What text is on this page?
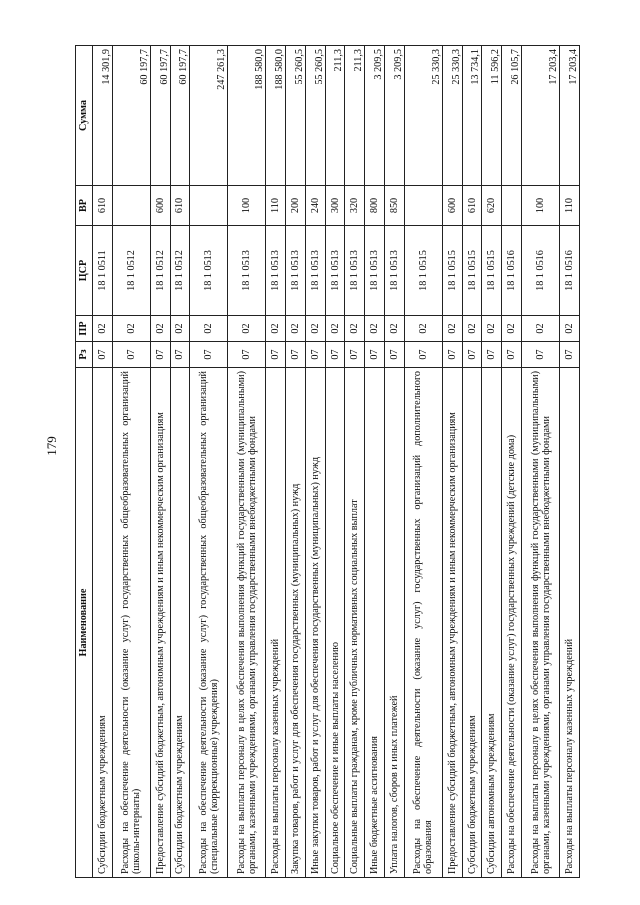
179
Наименование	Рз	ПР	ЦСР	ВР	Сумма
Субсидии бюджетным учреждениям	07	02	18 1 0511	610	14 301,9
Расходы на обеспечение деятельности (оказание услуг) государственных общеобразовательных организаций (школы-интернаты)	07	02	18 1 0512		60 197,7
Предоставление субсидий бюджетным, автономным учреждениям и иным некоммерческим организациям	07	02	18 1 0512	600	60 197,7
Субсидии бюджетным учреждениям	07	02	18 1 0512	610	60 197,7
Расходы на обеспечение деятельности (оказание услуг) государственных общеобразовательных организаций (специальные (коррекционные) учреждения)	07	02	18 1 0513		247 261,3
Расходы на выплаты персоналу в целях обеспечения выполнения функций государственными (муниципальными) органами, казенными учреждениями, органами управления государственными внебюджетными фондами	07	02	18 1 0513	100	188 580,0
Расходы на выплаты персоналу казенных учреждений	07	02	18 1 0513	110	188 580,0
Закупка товаров, работ и услуг для обеспечения государственных (муниципальных) нужд	07	02	18 1 0513	200	55 260,5
Иные закупки товаров, работ и услуг для обеспечения государственных (муниципальных) нужд	07	02	18 1 0513	240	55 260,5
Социальное обеспечение и иные выплаты населению	07	02	18 1 0513	300	211,3
Социальные выплаты гражданам, кроме публичных нормативных социальных выплат	07	02	18 1 0513	320	211,3
Иные бюджетные ассигнования	07	02	18 1 0513	800	3 209,5
Уплата налогов, сборов и иных платежей	07	02	18 1 0513	850	3 209,5
Расходы на обеспечение деятельности (оказание услуг) государственных организаций дополнительного образования	07	02	18 1 0515		25 330,3
Предоставление субсидий бюджетным, автономным учреждениям и иным некоммерческим организациям	07	02	18 1 0515	600	25 330,3
Субсидии бюджетным учреждениям	07	02	18 1 0515	610	13 734,1
Субсидии автономным учреждениям	07	02	18 1 0515	620	11 596,2
Расходы на обеспечение деятельности (оказание услуг) государственных учреждений (детские дома)	07	02	18 1 0516		26 105,7
Расходы на выплаты персоналу в целях обеспечения выполнения функций государственными (муниципальными) органами, казенными учреждениями, органами управления государственными внебюджетными фондами	07	02	18 1 0516	100	17 203,4
Расходы на выплаты персоналу казенных учреждений	07	02	18 1 0516	110	17 203,4
